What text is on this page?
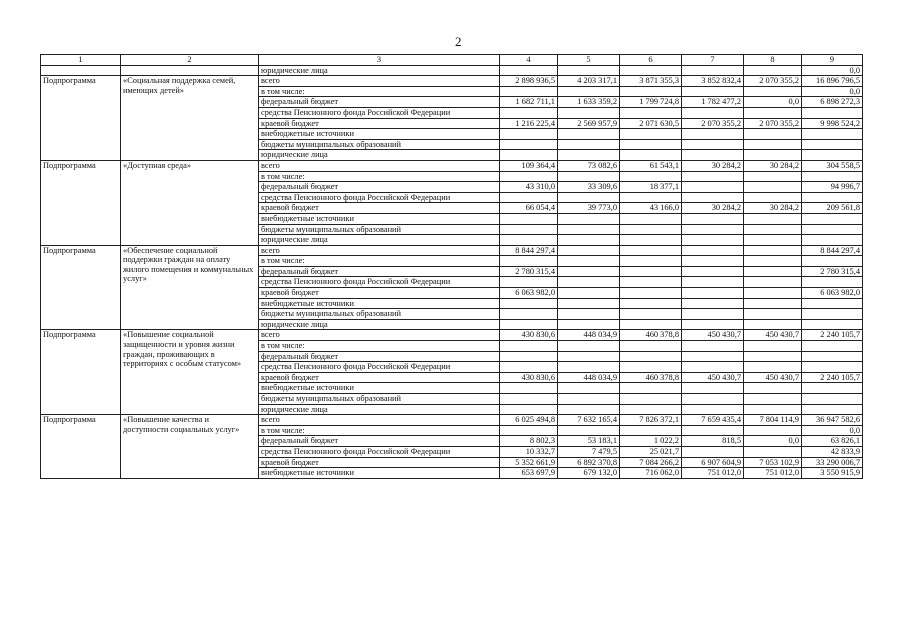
2
1	2	3	4	5	6	7	8	9
		юридические лица						0,0
Подпрограмма	«Социальная поддержка семей, имеющих детей»	всего	2 898 936,5	4 203 317,1	3 871 355,3	3 852 832,4	2 070 355,2	16 896 796,5
		в том числе:						0,0
		федеральный бюджет	1 682 711,1	1 633 359,2	1 799 724,8	1 782 477,2	0,0	6 898 272,3
		средства Пенсионного фонда Российской Федерации						
		краевой бюджет	1 216 225,4	2 569 957,9	2 071 630,5	2 070 355,2	2 070 355,2	9 998 524,2
		внебюджетные источники						
		бюджеты муниципальных образований						
		юридические лица						
Подпрограмма	«Доступная среда»	всего	109 364,4	73 082,6	61 543,1	30 284,2	30 284,2	304 558,5
		в том числе:						
		федеральный бюджет	43 310,0	33 309,6	18 377,1			94 996,7
		средства Пенсионного фонда Российской Федерации						
		краевой бюджет	66 054,4	39 773,0	43 166,0	30 284,2	30 284,2	209 561,8
		внебюджетные источники						
		бюджеты муниципальных образований						
		юридические лица						
Подпрограмма	«Обеспечение социальной поддержки граждан на оплату жилого помещения и коммунальных услуг»	всего	8 844 297,4					8 844 297,4
		в том числе:						
		федеральный бюджет	2 780 315,4					2 780 315,4
		средства Пенсионного фонда Российской Федерации						
		краевой бюджет	6 063 982,0					6 063 982,0
		внебюджетные источники						
		бюджеты муниципальных образований						
		юридические лица						
Подпрограмма	«Повышение социальной защищенности и уровня жизни граждан, проживающих в территориях с особым статусом»	всего	430 830,6	448 034,9	460 378,8	450 430,7	450 430,7	2 240 105,7
		в том числе:						
		федеральный бюджет						
		средства Пенсионного фонда Российской Федерации						
		краевой бюджет	430 830,6	448 034,9	460 378,8	450 430,7	450 430,7	2 240 105,7
		внебюджетные источники						
		бюджеты муниципальных образований						
		юридические лица						
Подпрограмма	«Повышение качества и доступности социальных услуг»	всего	6 025 494,8	7 632 165,4	7 826 372,1	7 659 435,4	7 804 114,9	36 947 582,6
		в том числе:						0,0
		федеральный бюджет	8 802,3	53 183,1	1 022,2	818,5	0,0	63 826,1
		средства Пенсионного фонда Российской Федерации	10 332,7	7 479,5	25 021,7			42 833,9
		краевой бюджет	5 352 661,9	6 892 370,8	7 084 266,2	6 907 604,9	7 053 102,9	33 290 006,7
		внебюджетные источники	653 697,9	679 132,0	716 062,0	751 012,0	751 012,0	3 550 915,9
